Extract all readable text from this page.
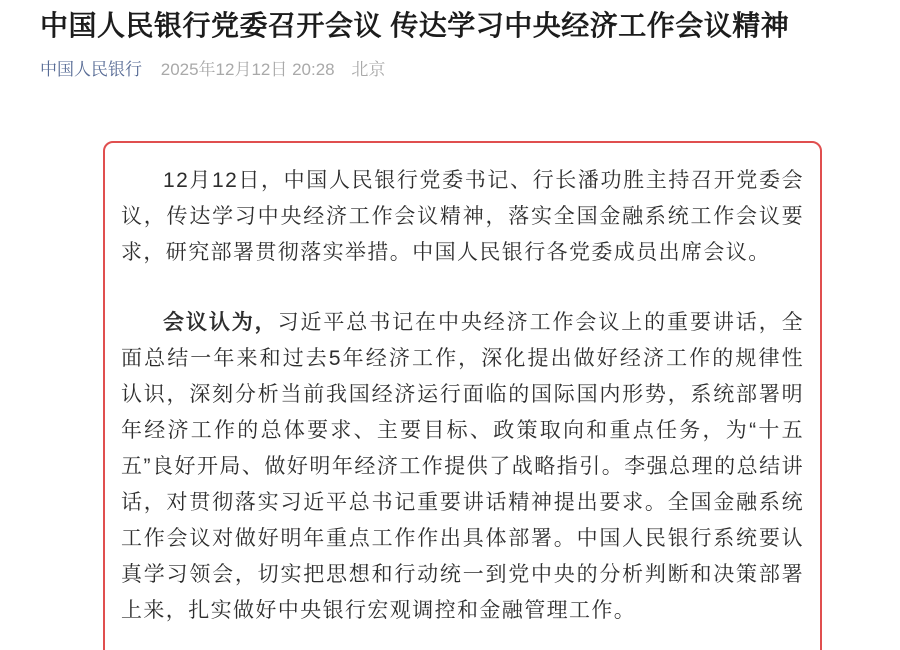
中国人民银行党委召开会议 传达学习中央经济工作会议精神
中国人民银行 2025年12月12日 20:28 北京

12月12日，中国人民银行党委书记、行长潘功胜主持召开党委会议，传达学习中央经济工作会议精神，落实全国金融系统工作会议要求，研究部署贯彻落实举措。中国人民银行各党委成员出席会议。

会议认为，习近平总书记在中央经济工作会议上的重要讲话，全面总结一年来和过去5年经济工作，深化提出做好经济工作的规律性认识，深刻分析当前我国经济运行面临的国际国内形势，系统部署明年经济工作的总体要求、主要目标、政策取向和重点任务，为“十五五”良好开局、做好明年经济工作提供了战略指引。李强总理的总结讲话，对贯彻落实习近平总书记重要讲话精神提出要求。全国金融系统工作会议对做好明年重点工作作出具体部署。中国人民银行系统要认真学习领会，切实把思想和行动统一到党中央的分析判断和决策部署上来，扎实做好中央银行宏观调控和金融管理工作。
